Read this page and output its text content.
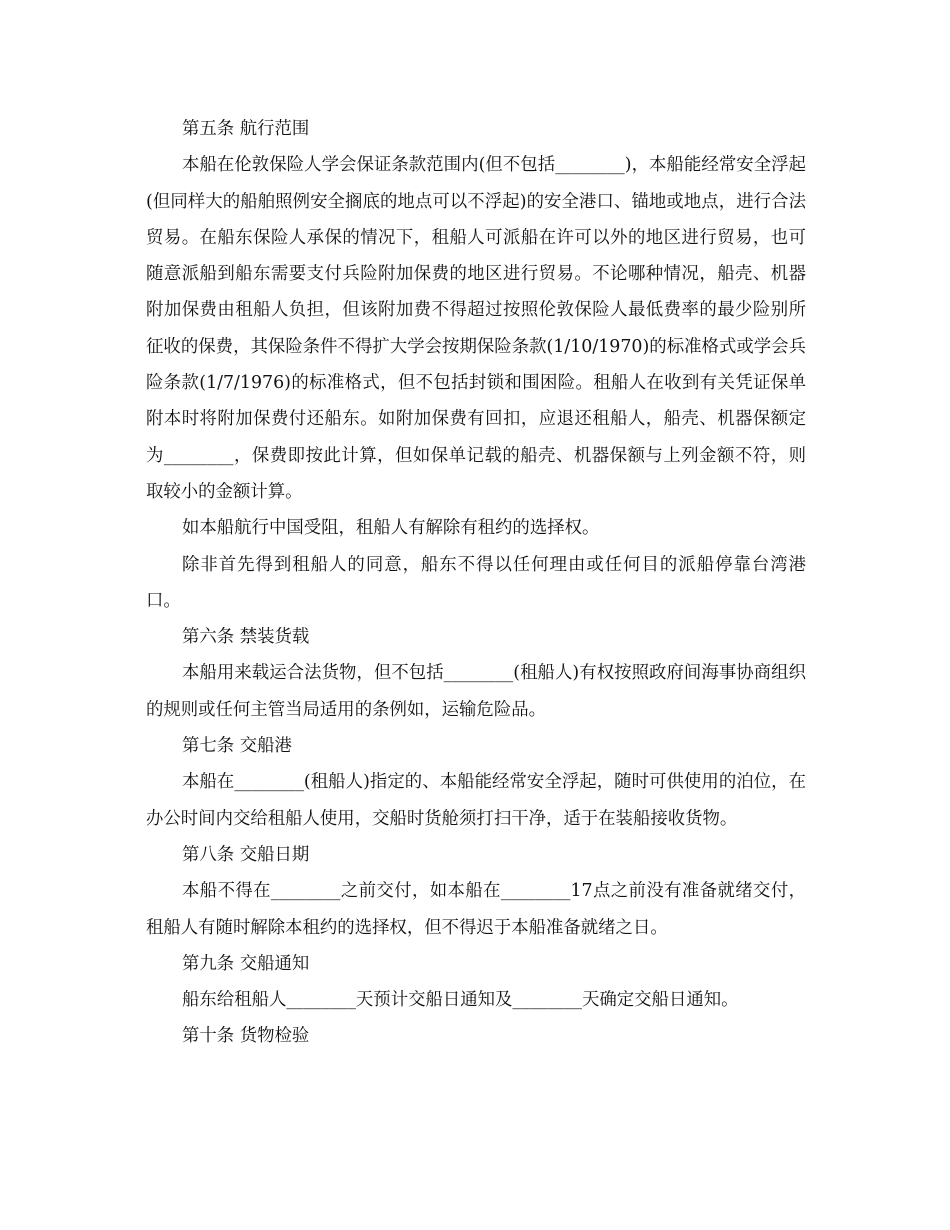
第五条 航行范围

本船在伦敦保险人学会保证条款范围内(但不包括________)，本船能经常安全浮起(但同样大的船舶照例安全搁底的地点可以不浮起)的安全港口、锚地或地点，进行合法贸易。在船东保险人承保的情况下，租船人可派船在许可以外的地区进行贸易，也可随意派船到船东需要支付兵险附加保费的地区进行贸易。不论哪种情况，船壳、机器附加保费由租船人负担，但该附加费不得超过按照伦敦保险人最低费率的最少险别所征收的保费，其保险条件不得扩大学会按期保险条款(1/10/1970)的标准格式或学会兵险条款(1/7/1976)的标准格式，但不包括封锁和围困险。租船人在收到有关凭证保单附本时将附加保费付还船东。如附加保费有回扣，应退还租船人，船壳、机器保额定为________，保费即按此计算，但如保单记载的船壳、机器保额与上列金额不符，则取较小的金额计算。

如本船航行中国受阻，租船人有解除有租约的选择权。

除非首先得到租船人的同意，船东不得以任何理由或任何目的派船停靠台湾港口。

第六条 禁装货载

本船用来载运合法货物，但不包括________(租船人)有权按照政府间海事协商组织的规则或任何主管当局适用的条例如，运输危险品。

第七条 交船港

本船在________(租船人)指定的、本船能经常安全浮起，随时可供使用的泊位，在办公时间内交给租船人使用，交船时货舱须打扫干净，适于在装船接收货物。

第八条 交船日期

本船不得在________之前交付，如本船在________17点之前没有准备就绪交付，租船人有随时解除本租约的选择权，但不得迟于本船准备就绪之日。

第九条 交船通知

船东给租船人________天预计交船日通知及________天确定交船日通知。

第十条 货物检验
